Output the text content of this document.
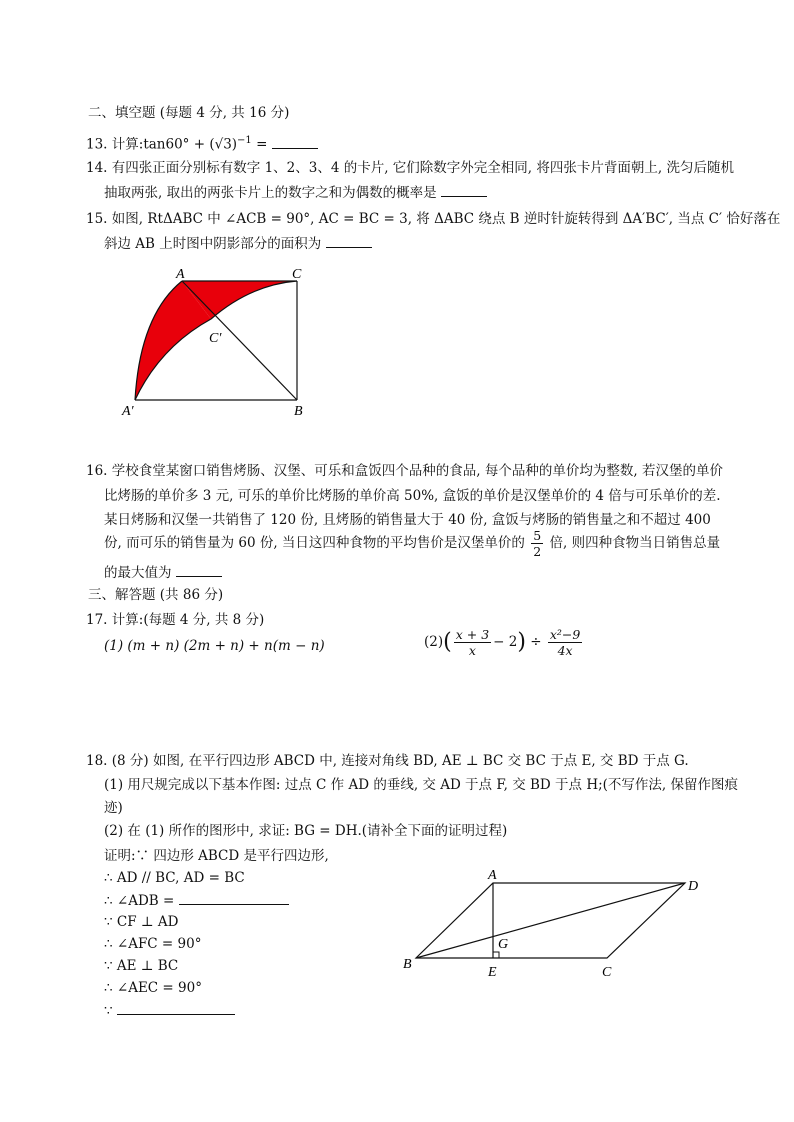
二、填空题 (每题 4 分, 共 16 分)
13. 计算:tan60° + $(√3)^{-1}$ =
14. 有四张正面分别标有数字 1、2、3、4 的卡片, 它们除数字外完全相同, 将四张卡片背面朝上, 洗匀后随机
抽取两张, 取出的两张卡片上的数字之和为偶数的概率是
15. 如图, RtΔABC 中 ∠ACB = 90°, AC = BC = 3, 将 ΔABC 绕点 B 逆时针旋转得到 ΔA′BC′, 当点 C′ 恰好落在
斜边 AB 上时图中阴影部分的面积为
A	C
C′
A′	B
16. 学校食堂某窗口销售烤肠、汉堡、可乐和盒饭四个品种的食品, 每个品种的单价均为整数, 若汉堡的单价
比烤肠的单价多 3 元, 可乐的单价比烤肠的单价高 50%, 盒饭的单价是汉堡单价的 4 倍与可乐单价的差.
某日烤肠和汉堡一共销售了 120 份, 且烤肠的销售量大于 40 份, 盒饭与烤肠的销售量之和不超过 400
份, 而可乐的销售量为 60 份, 当日这四种食物的平均售价是汉堡单价的 $\frac{5}{2}$ 倍, 则四种食物当日销售总量
的最大值为
三、解答题 (共 86 分)
17. 计算:(每题 4 分, 共 8 分)
(1) (m + n) (2m + n) + n(m − n)	$(2)( \frac{x + 3}{x} - 2) \div \frac{\text{x²−9}}{4x}$
18. (8 分) 如图, 在平行四边形 ABCD 中, 连接对角线 BD, AE ⊥ BC 交 BC 于点 E, 交 BD 于点 G.
(1) 用尺规完成以下基本作图: 过点 C 作 AD 的垂线, 交 AD 于点 F, 交 BD 于点 H;(不写作法, 保留作图痕
迹)
(2) 在 (1) 所作的图形中, 求证: BG = DH.(请补全下面的证明过程)
证明:∵ 四边形 ABCD 是平行四边形,
∴ AD // BC, AD = BC
∴ ∠ADB =
∵ CF ⊥ AD
∴ ∠AFC = 90°
∵ AE ⊥ BC
∴ ∠AEC = 90°
∵
A
D
B
C
E
G
